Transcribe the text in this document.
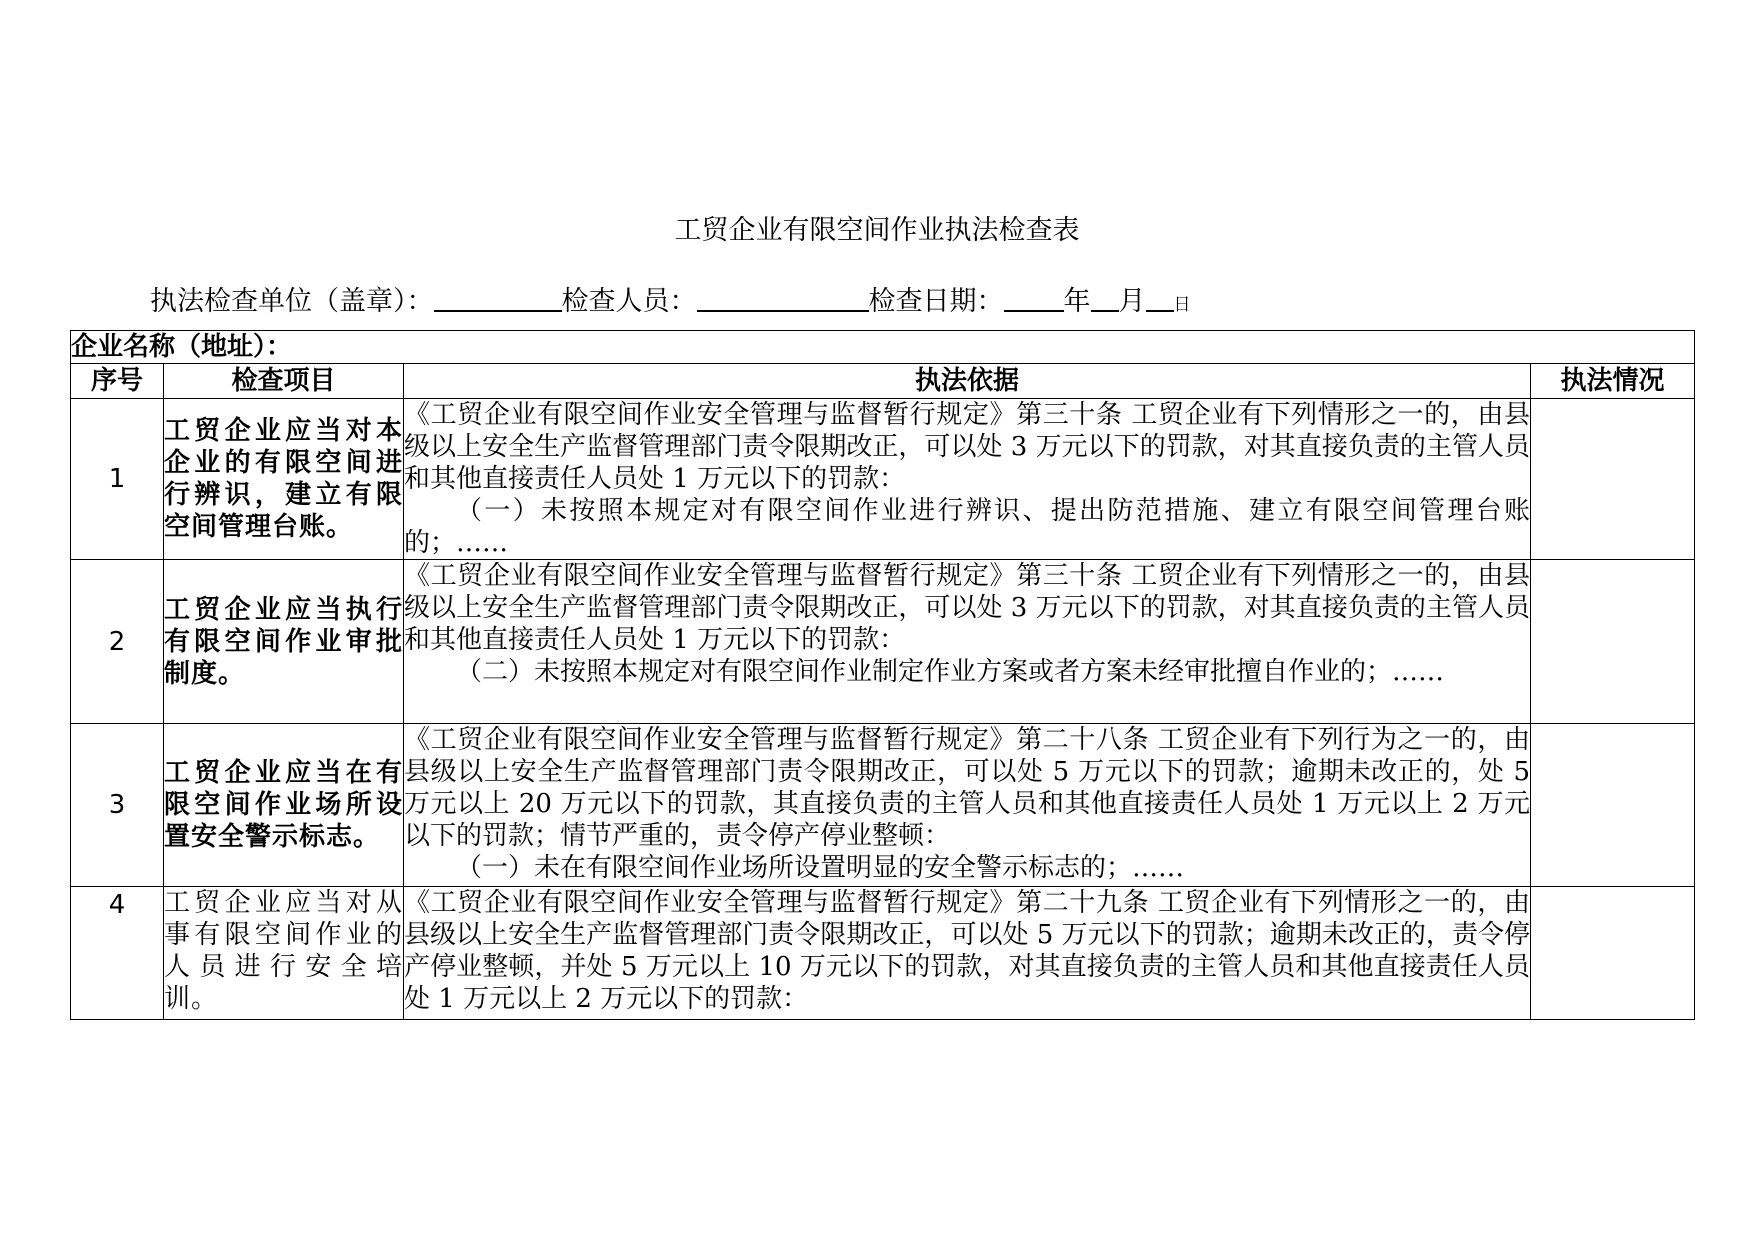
工贸企业有限空间作业执法检查表
执法检查单位（盖章）：	检查人员：	检查日期： 年 月 日
企业名称（地址）：			
序号	检查项目	执法依据	执法情况
1	工贸企业应当对本企业的有限空间进行辨识，建立有限空间管理台账。	《工贸企业有限空间作业安全管理与监督暂行规定》第三十条 工贸企业有下列情形之一的，由县级以上安全生产监督管理部门责令限期改正，可以处 3 万元以下的罚款，对其直接负责的主管人员和其他直接责任人员处 1 万元以下的罚款：

（一）未按照本规定对有限空间作业进行辨识、提出防范措施、建立有限空间管理台账的；……	

2	工贸企业应当执行有限空间作业审批制度。	《工贸企业有限空间作业安全管理与监督暂行规定》第三十条 工贸企业有下列情形之一的，由县级以上安全生产监督管理部门责令限期改正，可以处 3 万元以下的罚款，对其直接负责的主管人员和其他直接责任人员处 1 万元以下的罚款：

（二）未按照本规定对有限空间作业制定作业方案或者方案未经审批擅自作业的；……	

3	工贸企业应当在有限空间作业场所设置安全警示标志。	《工贸企业有限空间作业安全管理与监督暂行规定》第二十八条 工贸企业有下列行为之一的，由县级以上安全生产监督管理部门责令限期改正，可以处 5 万元以下的罚款；逾期未改正的，处 5 万元以上 20 万元以下的罚款，其直接负责的主管人员和其他直接责任人员处 1 万元以上 2 万元以下的罚款；情节严重的，责令停产停业整顿：

（一）未在有限空间作业场所设置明显的安全警示标志的；……	

4	工贸企业应当对从事有限空间作业的人员进行安全培训。	《工贸企业有限空间作业安全管理与监督暂行规定》第二十九条 工贸企业有下列情形之一的，由县级以上安全生产监督管理部门责令限期改正，可以处 5 万元以下的罚款；逾期未改正的，责令停产停业整顿，并处 5 万元以上 10 万元以下的罚款，对其直接负责的主管人员和其他直接责任人员处 1 万元以上 2 万元以下的罚款：	
